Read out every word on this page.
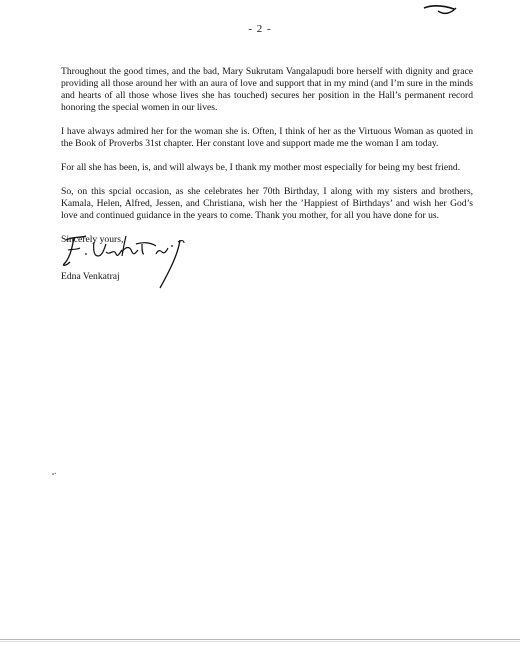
- 2 -

Throughout the good times, and the bad, Mary Sukrutam Vangalapudi bore herself with dignity and grace providing all those around her with an aura of love and support that in my mind (and I’m sure in the minds and hearts of all those whose lives she has touched) secures her position in the Hall’s permanent record honoring the special women in our lives.

I have always admired her for the woman she is. Often, I think of her as the Virtuous Woman as quoted in the Book of Proverbs 31st chapter. Her constant love and support made me the woman I am today.

For all she has been, is, and will always be, I thank my mother most especially for being my best friend.

So, on this spcial occasion, as she celebrates her 70th Birthday, I along with my sisters and brothers, Kamala, Helen, Alfred, Jessen, and Christiana, wish her the ’Happiest of Birthdays’ and wish her God’s love and continued guidance in the years to come. Thank you mother, for all you have done for us.

Sincerely yours,

Edna Venkatraj
